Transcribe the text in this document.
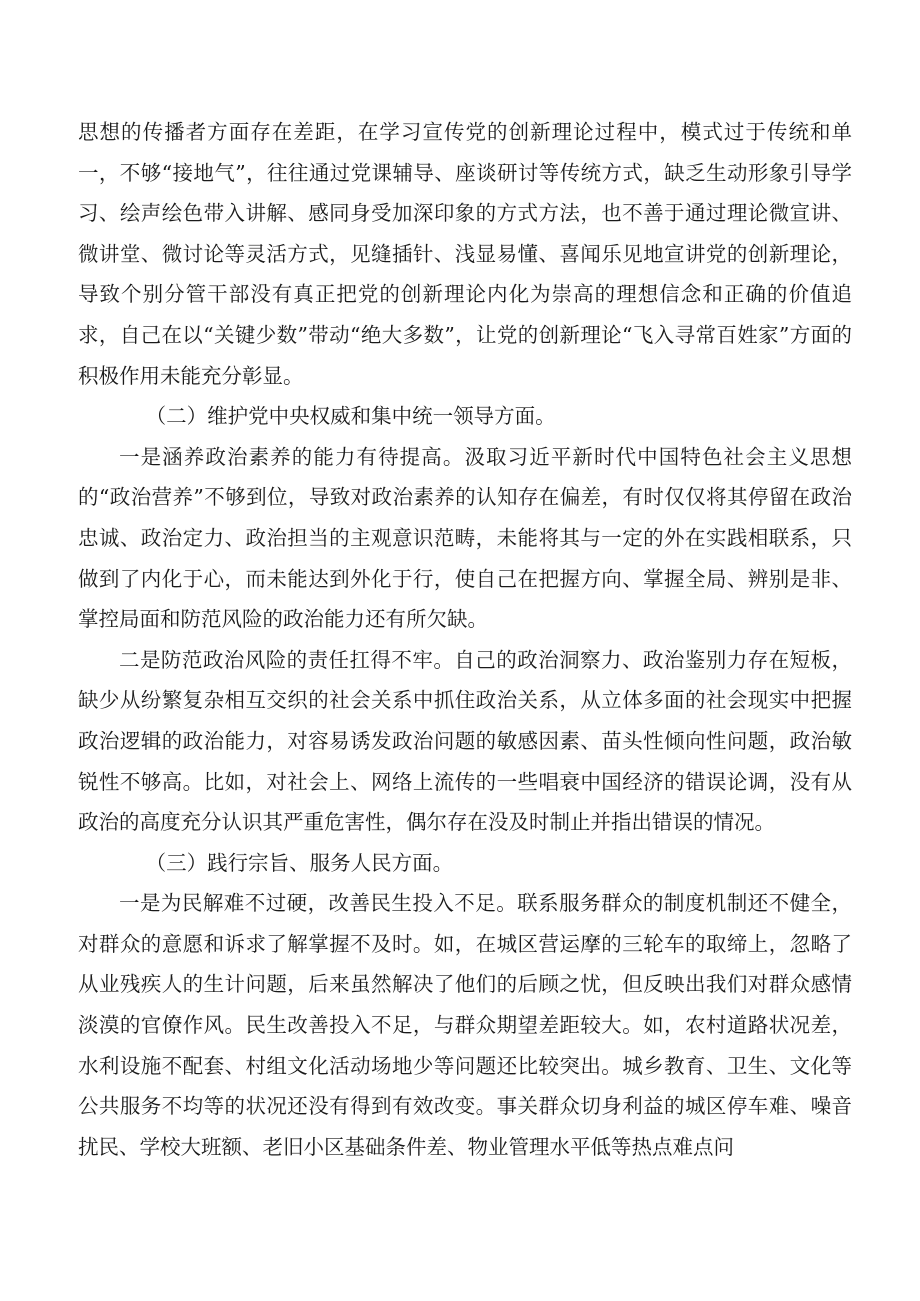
思想的传播者方面存在差距，在学习宣传党的创新理论过程中，模式过于传统和单一，不够“接地气”，往往通过党课辅导、座谈研讨等传统方式，缺乏生动形象引导学习、绘声绘色带入讲解、感同身受加深印象的方式方法，也不善于通过理论微宣讲、微讲堂、微讨论等灵活方式，见缝插针、浅显易懂、喜闻乐见地宣讲党的创新理论，导致个别分管干部没有真正把党的创新理论内化为崇高的理想信念和正确的价值追求，自己在以“关键少数”带动“绝大多数”，让党的创新理论“飞入寻常百姓家”方面的积极作用未能充分彰显。

（二）维护党中央权威和集中统一领导方面。

一是涵养政治素养的能力有待提高。汲取习近平新时代中国特色社会主义思想的“政治营养”不够到位，导致对政治素养的认知存在偏差，有时仅仅将其停留在政治忠诚、政治定力、政治担当的主观意识范畴，未能将其与一定的外在实践相联系，只做到了内化于心，而未能达到外化于行，使自己在把握方向、掌握全局、辨别是非、掌控局面和防范风险的政治能力还有所欠缺。

二是防范政治风险的责任扛得不牢。自己的政治洞察力、政治鉴别力存在短板，缺少从纷繁复杂相互交织的社会关系中抓住政治关系，从立体多面的社会现实中把握政治逻辑的政治能力，对容易诱发政治问题的敏感因素、苗头性倾向性问题，政治敏锐性不够高。比如，对社会上、网络上流传的一些唱衰中国经济的错误论调，没有从政治的高度充分认识其严重危害性，偶尔存在没及时制止并指出错误的情况。

（三）践行宗旨、服务人民方面。

一是为民解难不过硬，改善民生投入不足。联系服务群众的制度机制还不健全，对群众的意愿和诉求了解掌握不及时。如，在城区营运摩的三轮车的取缔上，忽略了从业残疾人的生计问题，后来虽然解决了他们的后顾之忧，但反映出我们对群众感情淡漠的官僚作风。民生改善投入不足，与群众期望差距较大。如，农村道路状况差，水利设施不配套、村组文化活动场地少等问题还比较突出。城乡教育、卫生、文化等公共服务不均等的状况还没有得到有效改变。事关群众切身利益的城区停车难、噪音扰民、学校大班额、老旧小区基础条件差、物业管理水平低等热点难点问
